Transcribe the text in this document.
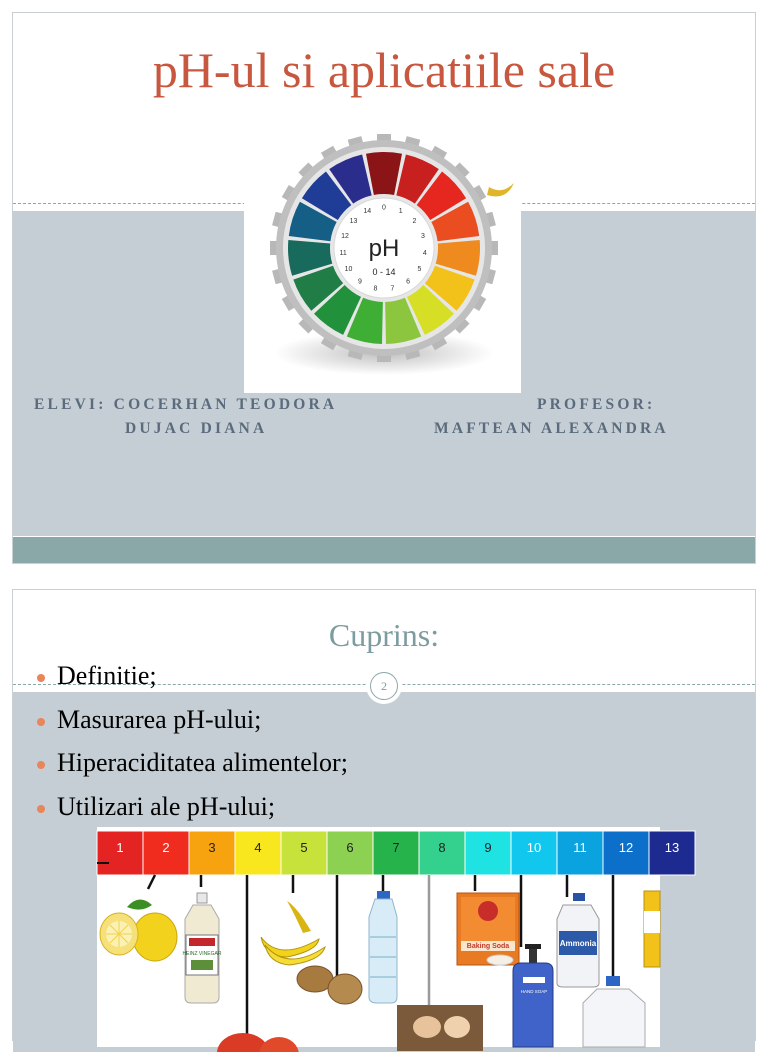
pH-ul si aplicatiile sale
0 1
2
3
4
5
6
7
8
9
10
11
12
13
14
pH
0 - 14
ELEVI: COCERHAN TEODORA
DUJAC DIANA
PROFESOR:
MAFTEAN ALEXANDRA
Cuprins:
2
Definitie;
Masurarea pH-ului;
Hiperaciditatea alimentelor;
Utilizari ale pH-ului;
1	2	3	4	5	6	7	8	9	10 11 12 13
HEINZ VINEGAR
Baking Soda
HAND SOAP
Ammonia
